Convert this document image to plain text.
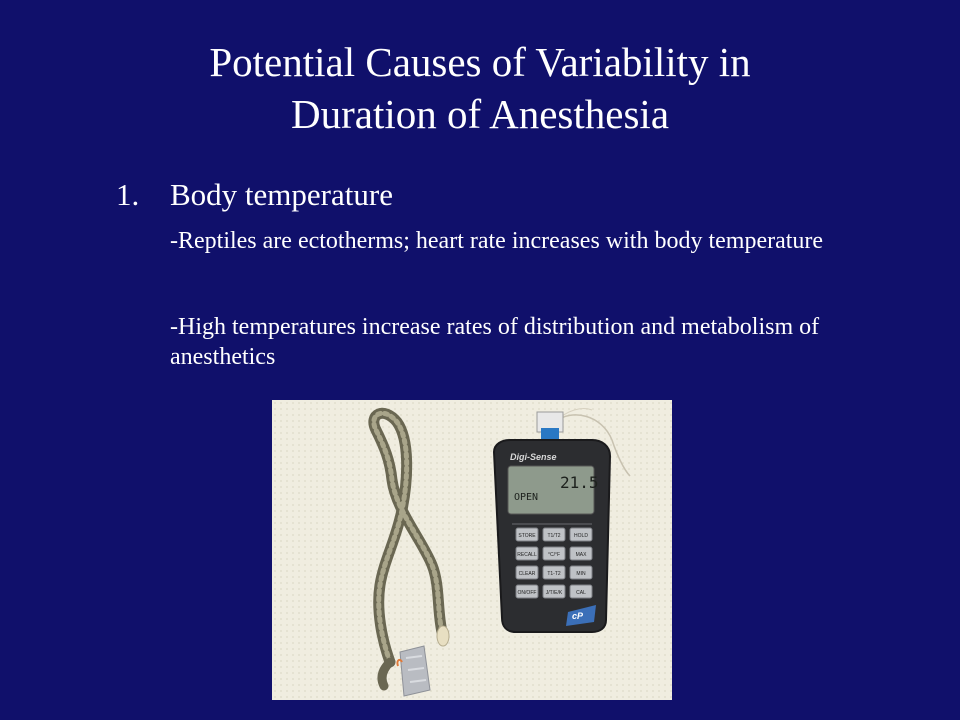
Potential Causes of Variability in
Duration of Anesthesia
1. Body temperature
-Reptiles are ectotherms; heart rate increases with body temperature
-High temperatures increase rates of distribution and metabolism of anesthetics
Digi-Sense
21.5
OPEN
STORE T1/T2	HOLD
RECALL °C/°F	MAX
CLEAR T1-T2	MIN
ON/OFF J/T/E/K	CAL
cP
